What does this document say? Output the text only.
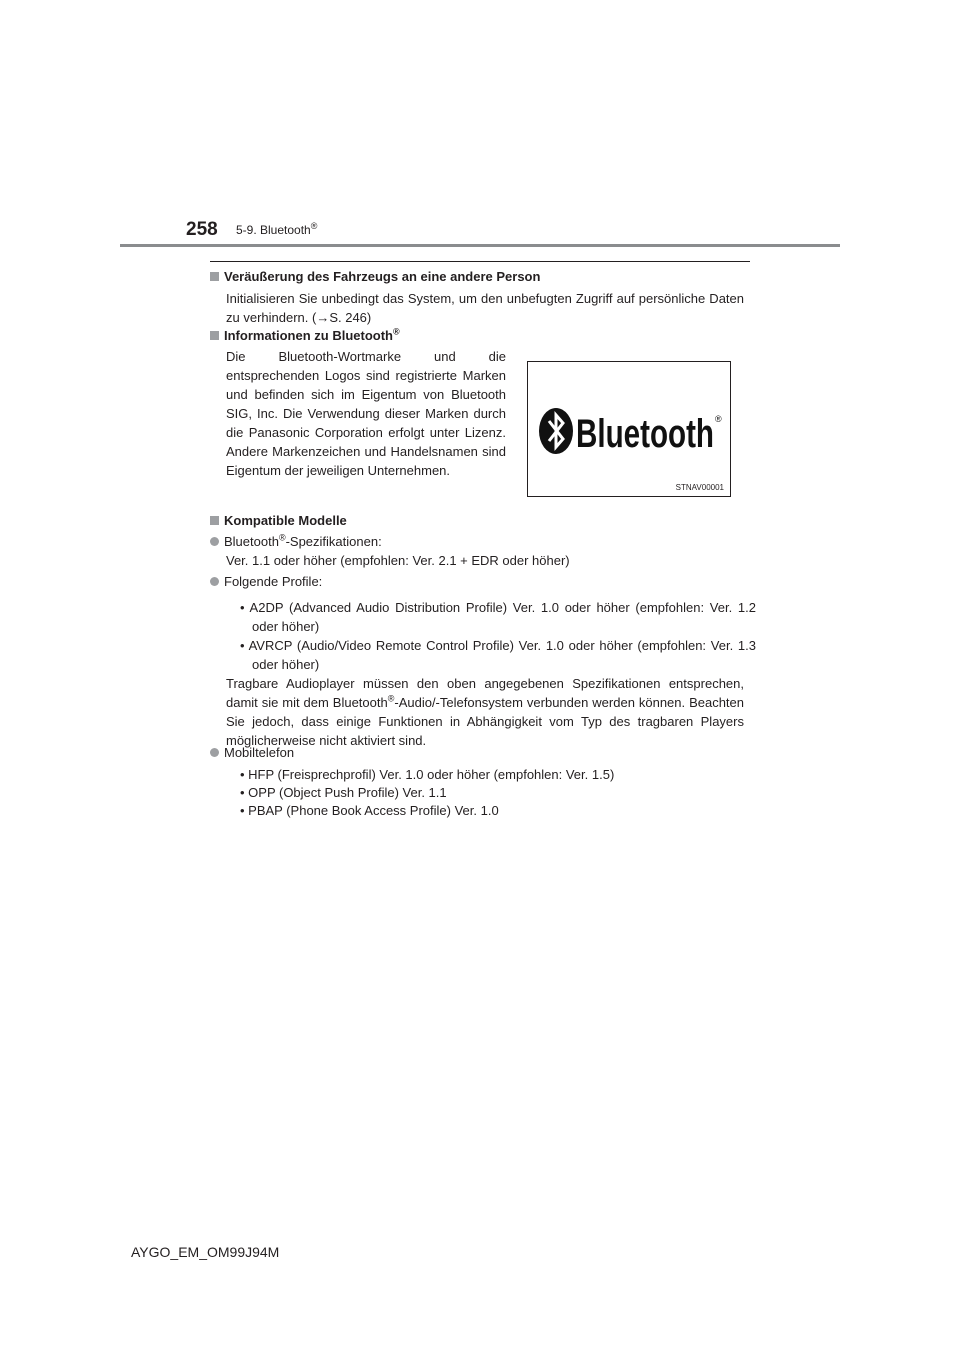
258 5-9. Bluetooth®
Veräußerung des Fahrzeugs an eine andere Person
Initialisieren Sie unbedingt das System, um den unbefugten Zugriff auf persönliche Daten zu verhindern. (→S. 246)
Informationen zu Bluetooth®
Die Bluetooth-Wortmarke und die entsprechenden Logos sind registrierte Marken und befinden sich im Eigentum von Bluetooth SIG, Inc. Die Verwendung dieser Marken durch die Panasonic Corporation erfolgt unter Lizenz. Andere Markenzeichen und Handelsnamen sind Eigentum der jeweiligen Unternehmen.
Bluetooth ®
STNAV00001
Kompatible Modelle
Bluetooth®-Spezifikationen:
Ver. 1.1 oder höher (empfohlen: Ver. 2.1 + EDR oder höher)
Folgende Profile:
• A2DP (Advanced Audio Distribution Profile) Ver. 1.0 oder höher (empfohlen: Ver. 1.2 oder höher)
• AVRCP (Audio/Video Remote Control Profile) Ver. 1.0 oder höher (empfohlen: Ver. 1.3 oder höher)
Tragbare Audioplayer müssen den oben angegebenen Spezifikationen entsprechen, damit sie mit dem Bluetooth®-Audio/-Telefonsystem verbunden werden können. Beachten Sie jedoch, dass einige Funktionen in Abhängigkeit vom Typ des tragbaren Players möglicherweise nicht aktiviert sind.
Mobiltelefon
• HFP (Freisprechprofil) Ver. 1.0 oder höher (empfohlen: Ver. 1.5)
• OPP (Object Push Profile) Ver. 1.1
• PBAP (Phone Book Access Profile) Ver. 1.0
AYGO_EM_OM99J94M
